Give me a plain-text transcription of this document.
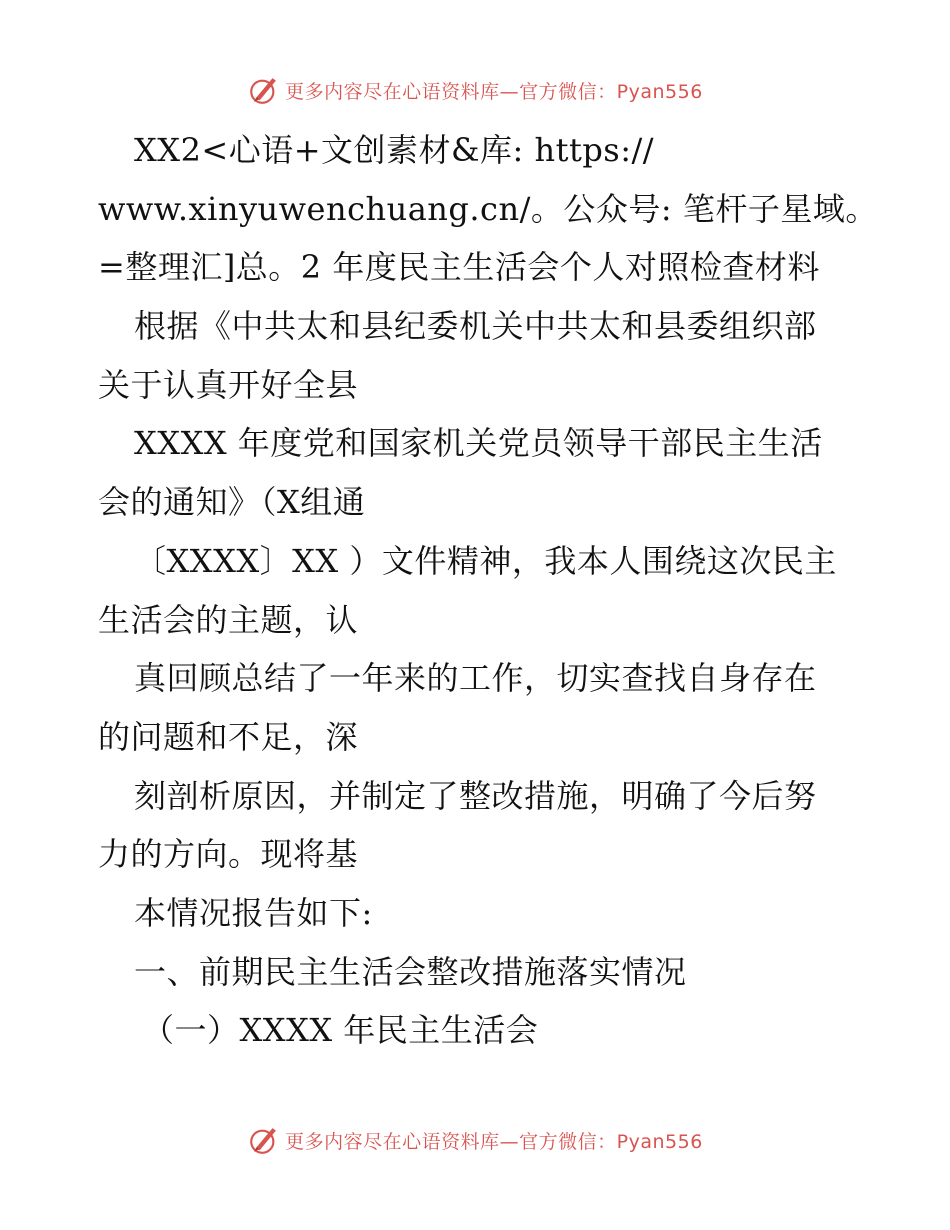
更多内容尽在心语资料库—官方微信：Pyan556
XX2<心语+文创素材&库: https://
www.xinyuwenchuang.cn/。公众号: 笔杆子星域。
=整理汇]总。2 年度民主生活会个人对照检查材料
根据《中共太和县纪委机关中共太和县委组织部
关于认真开好全县
XXXX 年度党和国家机关党员领导干部民主生活
会的通知》（X组通
〔XXXX〕XX ）文件精神，我本人围绕这次民主
生活会的主题，认
真回顾总结了一年来的工作，切实查找自身存在
的问题和不足，深
刻剖析原因，并制定了整改措施，明确了今后努
力的方向。现将基
本情况报告如下:
一、前期民主生活会整改措施落实情况
（一）XXXX 年民主生活会
更多内容尽在心语资料库—官方微信：Pyan556
